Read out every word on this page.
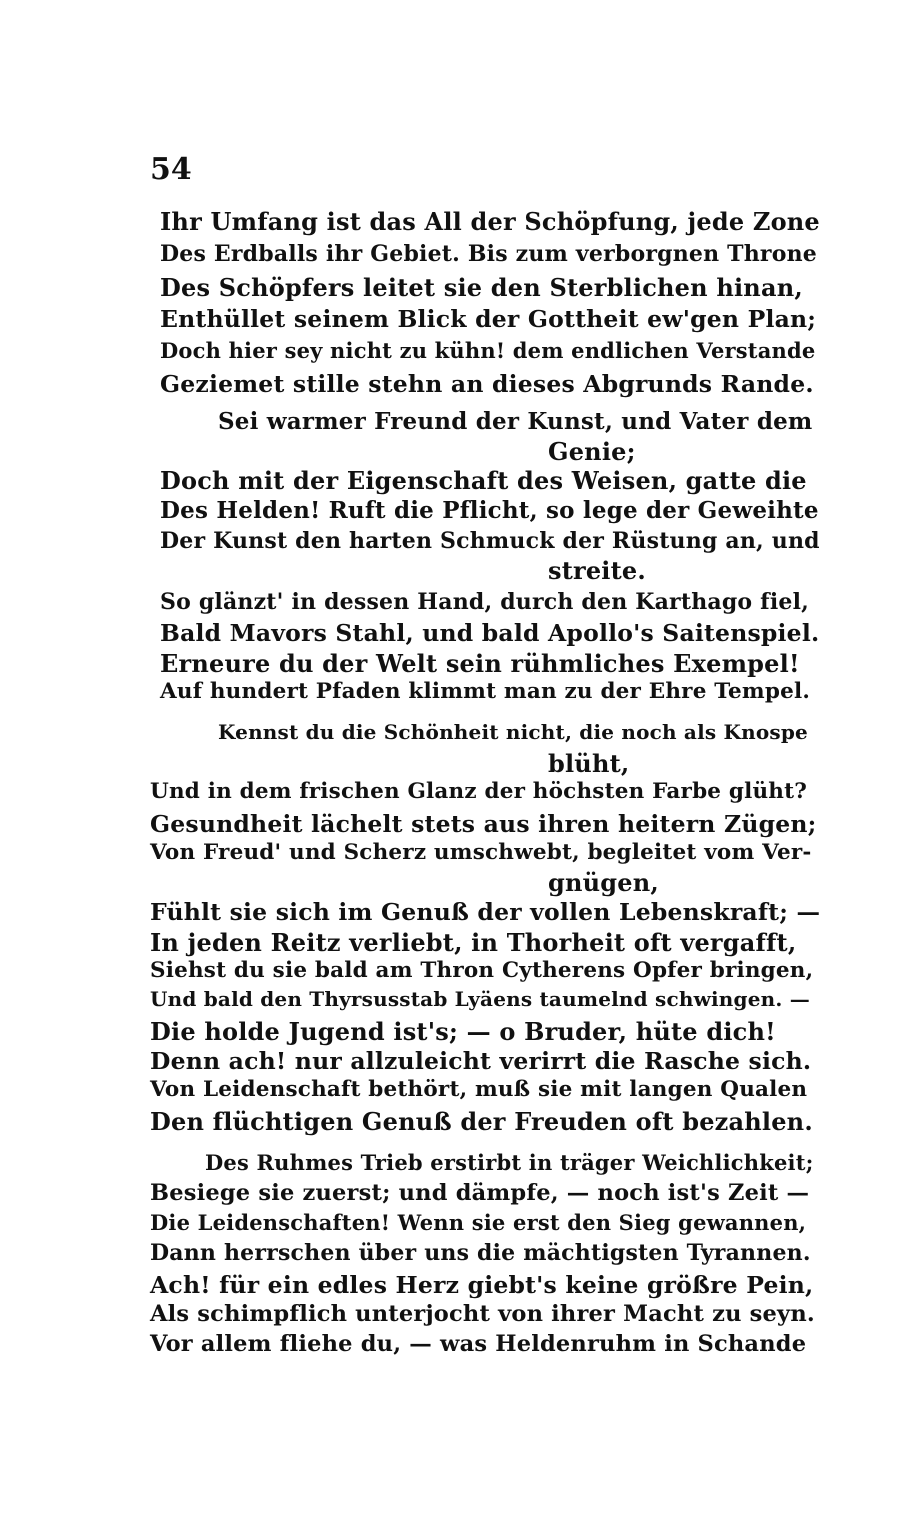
54
Ihr Umfang ist das All der Schöpfung, jede Zone
Des Erdballs ihr Gebiet. Bis zum verborgnen Throne
Des Schöpfers leitet sie den Sterblichen hinan,
Enthüllet seinem Blick der Gottheit ew'gen Plan;
Doch hier sey nicht zu kühn! dem endlichen Verstande
Geziemet stille stehn an dieses Abgrunds Rande.
Sei warmer Freund der Kunst, und Vater dem
Genie;
Doch mit der Eigenschaft des Weisen, gatte die
Des Helden! Ruft die Pflicht, so lege der Geweihte
Der Kunst den harten Schmuck der Rüstung an, und
streite.
So glänzt' in dessen Hand, durch den Karthago fiel,
Bald Mavors Stahl, und bald Apollo's Saitenspiel.
Erneure du der Welt sein rühmliches Exempel!
Auf hundert Pfaden klimmt man zu der Ehre Tempel.
Kennst du die Schönheit nicht, die noch als Knospe
blüht,
Und in dem frischen Glanz der höchsten Farbe glüht?
Gesundheit lächelt stets aus ihren heitern Zügen;
Von Freud' und Scherz umschwebt, begleitet vom Ver-
gnügen,
Fühlt sie sich im Genuß der vollen Lebenskraft; —
In jeden Reitz verliebt, in Thorheit oft vergafft,
Siehst du sie bald am Thron Cytherens Opfer bringen,
Und bald den Thyrsusstab Lyäens taumelnd schwingen. —
Die holde Jugend ist's; — o Bruder, hüte dich!
Denn ach! nur allzuleicht verirrt die Rasche sich.
Von Leidenschaft bethört, muß sie mit langen Qualen
Den flüchtigen Genuß der Freuden oft bezahlen.
Des Ruhmes Trieb erstirbt in träger Weichlichkeit;
Besiege sie zuerst; und dämpfe, — noch ist's Zeit —
Die Leidenschaften! Wenn sie erst den Sieg gewannen,
Dann herrschen über uns die mächtigsten Tyrannen.
Ach! für ein edles Herz giebt's keine größre Pein,
Als schimpflich unterjocht von ihrer Macht zu seyn.
Vor allem fliehe du, — was Heldenruhm in Schande
